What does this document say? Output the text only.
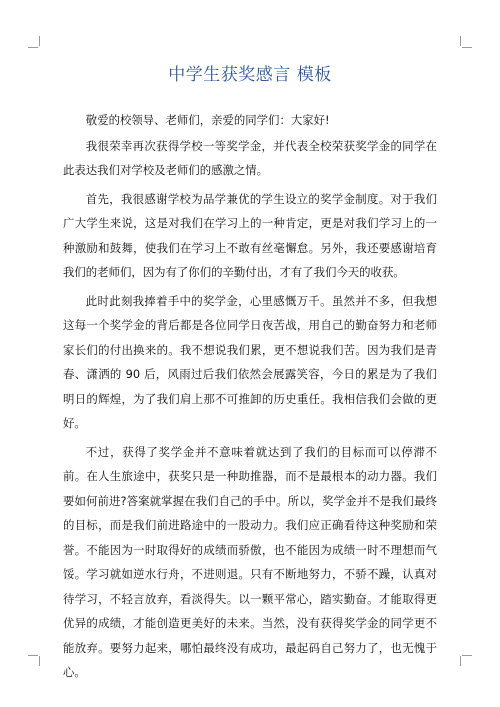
中学生获奖感言 模板

敬爱的校领导、老师们，亲爱的同学们：大家好!

我很荣幸再次获得学校一等奖学金，并代表全校荣获奖学金的同学在此表达我们对学校及老师们的感激之情。

首先，我很感谢学校为品学兼优的学生设立的奖学金制度。对于我们广大学生来说，这是对我们在学习上的一种肯定，更是对我们学习上的一种激励和鼓舞，使我们在学习上不敢有丝毫懈怠。另外，我还要感谢培育我们的老师们，因为有了你们的辛勤付出，才有了我们今天的收获。

此时此刻我捧着手中的奖学金，心里感慨万千。虽然并不多，但我想这每一个奖学金的背后都是各位同学日夜苦战，用自己的勤奋努力和老师家长们的付出换来的。我不想说我们累，更不想说我们苦。因为我们是青春、潇洒的 90 后，风雨过后我们依然会展露笑容，今日的累是为了我们明日的辉煌，为了我们肩上那不可推卸的历史重任。我相信我们会做的更好。

不过，获得了奖学金并不意味着就达到了我们的目标而可以停滞不前。在人生旅途中，获奖只是一种助推器，而不是最根本的动力器。我们要如何前进?答案就掌握在我们自己的手中。所以，奖学金并不是我们最终的目标，而是我们前进路途中的一股动力。我们应正确看待这种奖励和荣誉。不能因为一时取得好的成绩而骄傲，也不能因为成绩一时不理想而气馁。学习就如逆水行舟，不进则退。只有不断地努力，不骄不躁，认真对待学习，不轻言放弃，看淡得失。以一颗平常心，踏实勤奋。才能取得更优异的成绩，才能创造更美好的未来。当然，没有获得奖学金的同学更不能放弃。要努力起来，哪怕最终没有成功，最起码自己努力了，也无愧于心。
